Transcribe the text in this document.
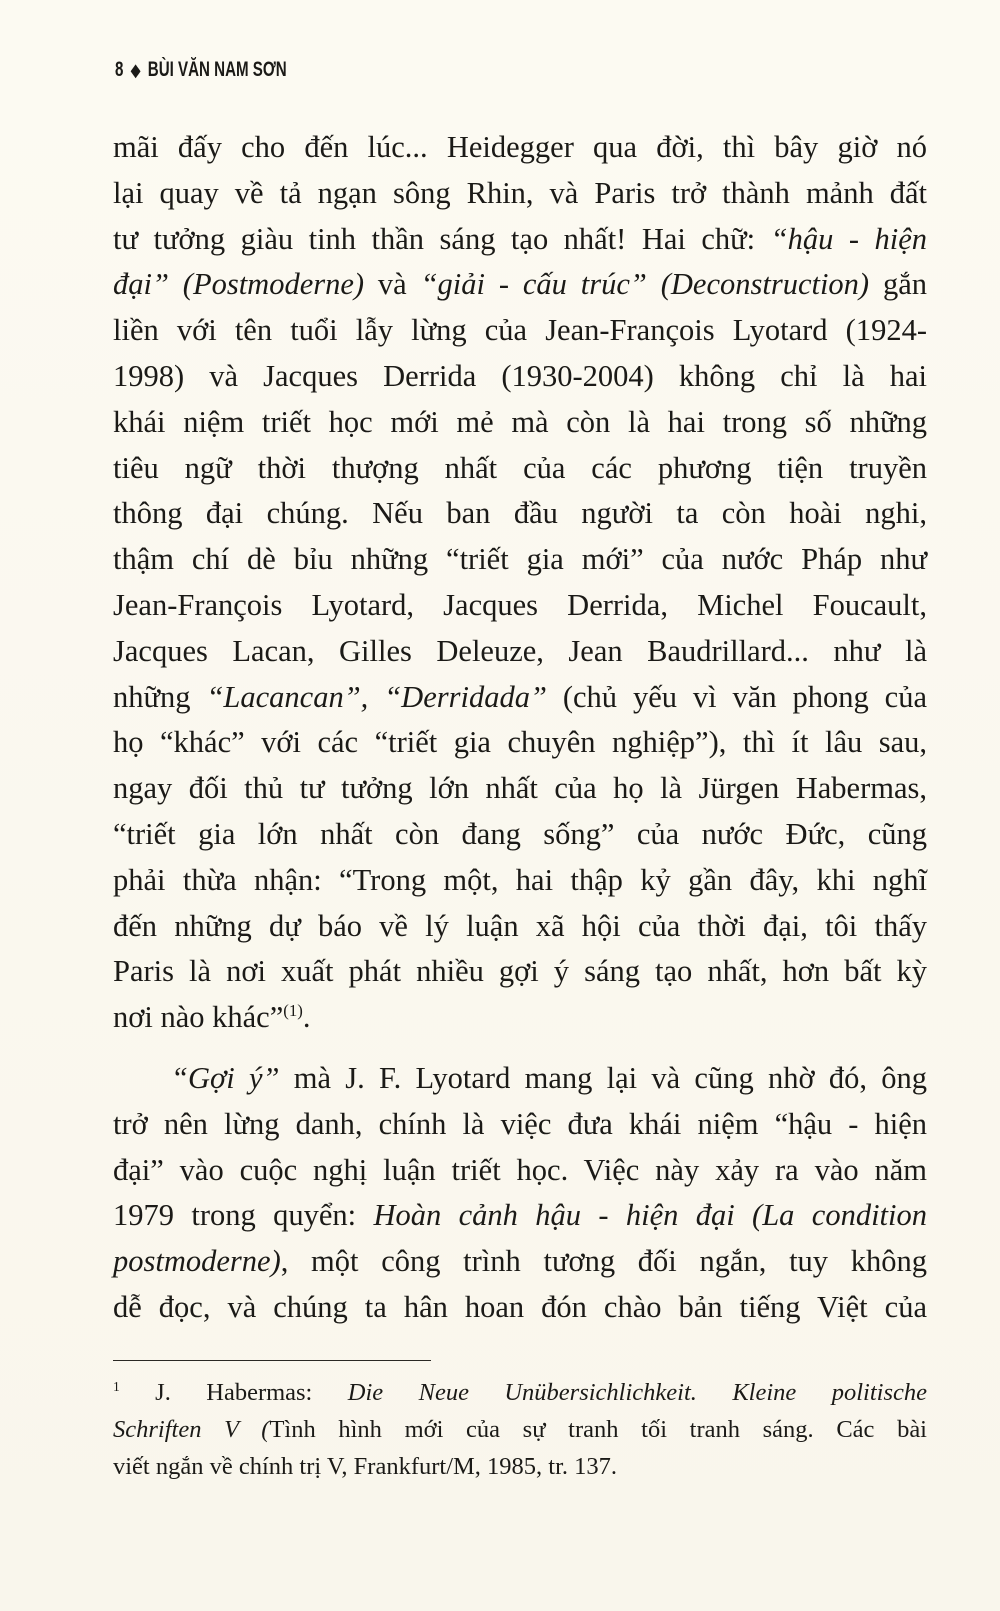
8 ◆ BÙI VĂN NAM SƠN
mãi đấy cho đến lúc... Heidegger qua đời, thì bây giờ nó
lại quay về tả ngạn sông Rhin, và Paris trở thành mảnh đất
tư tưởng giàu tinh thần sáng tạo nhất! Hai chữ: “hậu - hiện
đại” (Postmoderne) và “giải - cấu trúc” (Deconstruction) gắn
liền với tên tuổi lẫy lừng của Jean-François Lyotard (1924-
1998) và Jacques Derrida (1930-2004) không chỉ là hai
khái niệm triết học mới mẻ mà còn là hai trong số những
tiêu ngữ thời thượng nhất của các phương tiện truyền
thông đại chúng. Nếu ban đầu người ta còn hoài nghi,
thậm chí dè bỉu những “triết gia mới” của nước Pháp như
Jean-François Lyotard, Jacques Derrida, Michel Foucault,
Jacques Lacan, Gilles Deleuze, Jean Baudrillard... như là
những “Lacancan”, “Derridada” (chủ yếu vì văn phong của
họ “khác” với các “triết gia chuyên nghiệp”), thì ít lâu sau,
ngay đối thủ tư tưởng lớn nhất của họ là Jürgen Habermas,
“triết gia lớn nhất còn đang sống” của nước Đức, cũng
phải thừa nhận: “Trong một, hai thập kỷ gần đây, khi nghĩ
đến những dự báo về lý luận xã hội của thời đại, tôi thấy
Paris là nơi xuất phát nhiều gợi ý sáng tạo nhất, hơn bất kỳ
nơi nào khác”$^{(1)}$.
“Gợi ý” mà J. F. Lyotard mang lại và cũng nhờ đó, ông
trở nên lừng danh, chính là việc đưa khái niệm “hậu - hiện
đại” vào cuộc nghị luận triết học. Việc này xảy ra vào năm
1979 trong quyển: Hoàn cảnh hậu - hiện đại (La condition
postmoderne), một công trình tương đối ngắn, tuy không
dễ đọc, và chúng ta hân hoan đón chào bản tiếng Việt của
$^1$ J. Habermas: Die Neue Unübersichlichkeit. Kleine politische
Schriften V (Tình hình mới của sự tranh tối tranh sáng. Các bài
viết ngắn về chính trị V, Frankfurt/M, 1985, tr. 137.
